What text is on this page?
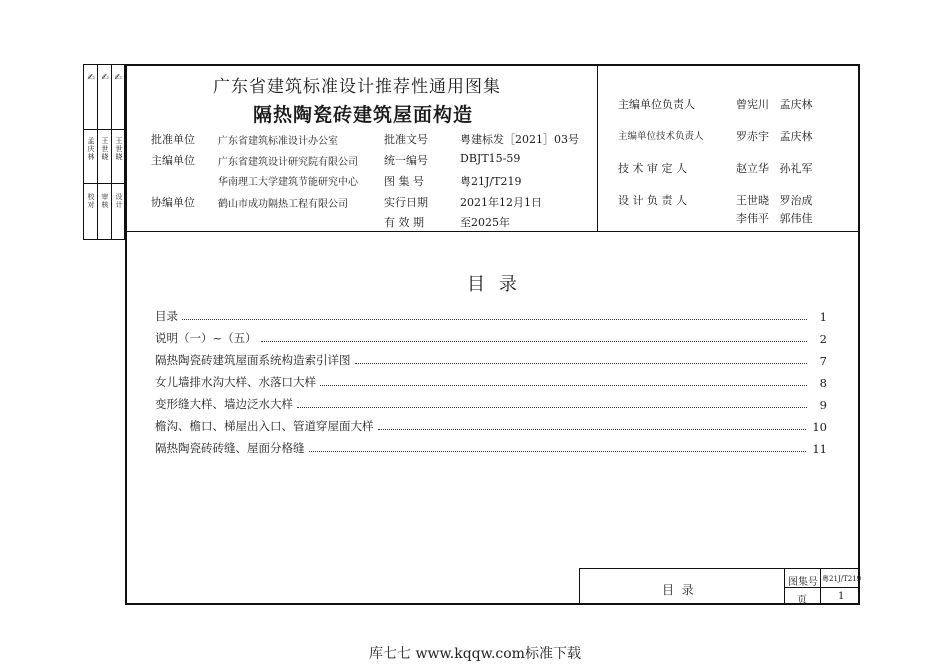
✍ ✍ ✍
校对
孟庆林
审核
王世晓
设计
王世晓
广东省建筑标准设计推荐性通用图集
隔热陶瓷砖建筑屋面构造
批准单位 广东省建筑标准设计办公室
主编单位 广东省建筑设计研究院有限公司
华南理工大学建筑节能研究中心
协编单位 鹤山市成功隔热工程有限公司
批准文号	粤建标发［2021］03号
统一编号	DBJT15-59
图 集 号	粤21J/T219
实行日期	2021年12月1日
有 效 期	至2025年
主编单位负责人	曾宪川   孟庆林
主编单位技术负责人	罗赤宇   孟庆林
技 术 审 定 人	赵立华   孙礼军
设 计 负 责 人	王世晓   罗治成
李伟平   郭伟佳
目录
目录	1
说明（一）~（五）	2
隔热陶瓷砖建筑屋面系统构造索引详图	7
女儿墙排水沟大样、水落口大样	8
变形缝大样、墙边泛水大样	9
檐沟、檐口、梯屋出入口、管道穿屋面大样	10
隔热陶瓷砖砖缝、屋面分格缝	11
目  录
图集号 粤21J/T219
页	1
库七七 www.kqqw.com标准下载
